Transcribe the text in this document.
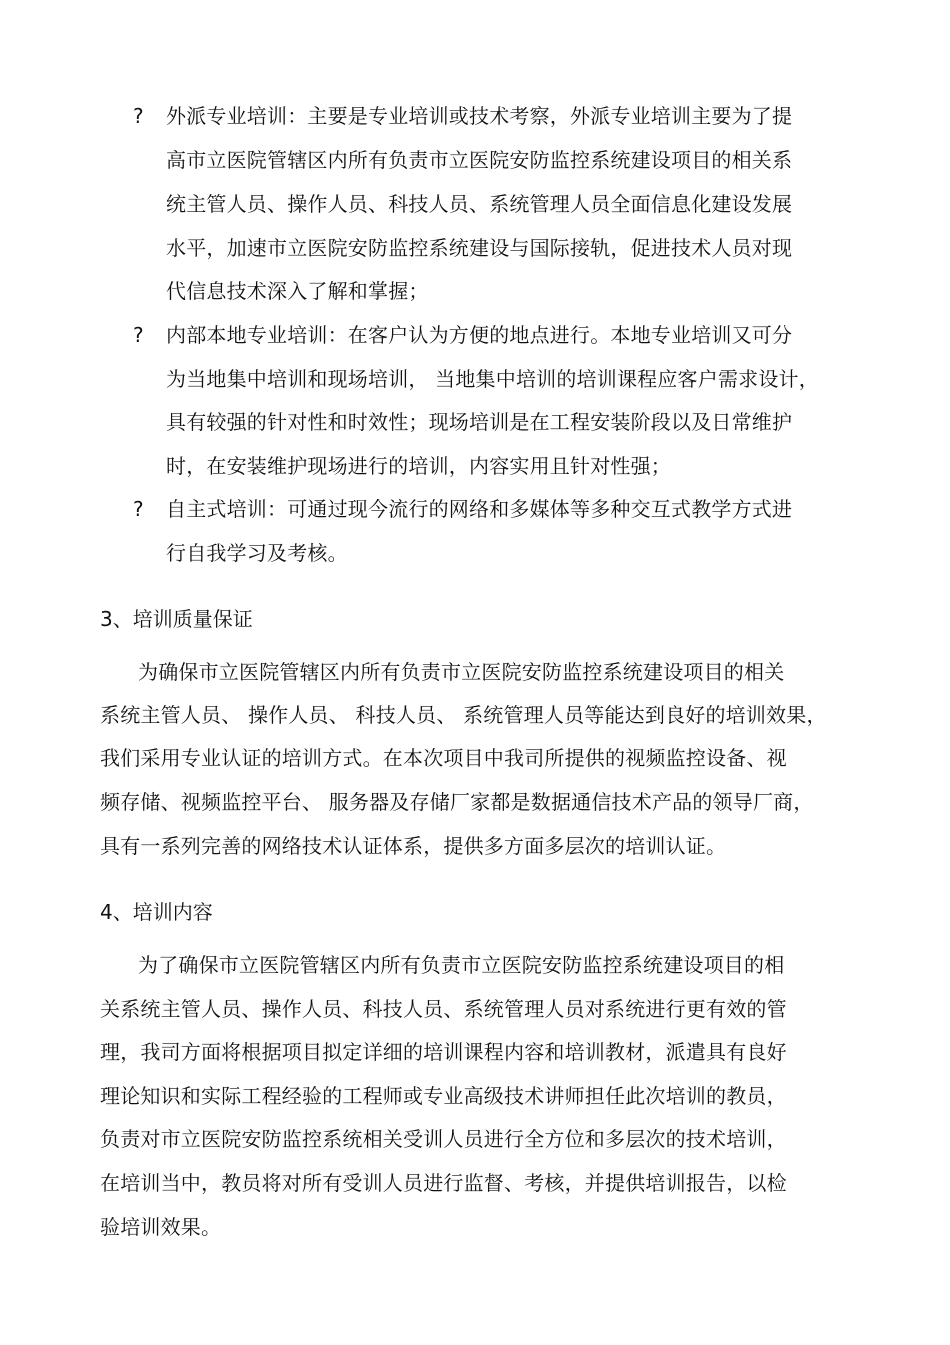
? 外派专业培训：主要是专业培训或技术考察，外派专业培训主要为了提
高市立医院管辖区内所有负责市立医院安防监控系统建设项目的相关系
统主管人员、操作人员、科技人员、系统管理人员全面信息化建设发展
水平，加速市立医院安防监控系统建设与国际接轨，促进技术人员对现
代信息技术深入了解和掌握；
? 内部本地专业培训：在客户认为方便的地点进行。本地专业培训又可分
为当地集中培训和现场培训， 当地集中培训的培训课程应客户需求设计，
具有较强的针对性和时效性；现场培训是在工程安装阶段以及日常维护
时，在安装维护现场进行的培训，内容实用且针对性强；
? 自主式培训：可通过现今流行的网络和多媒体等多种交互式教学方式进
行自我学习及考核。
3、培训质量保证
为确保市立医院管辖区内所有负责市立医院安防监控系统建设项目的相关
系统主管人员、 操作人员、 科技人员、 系统管理人员等能达到良好的培训效果，
我们采用专业认证的培训方式。在本次项目中我司所提供的视频监控设备、视
频存储、视频监控平台、 服务器及存储厂家都是数据通信技术产品的领导厂商，
具有一系列完善的网络技术认证体系，提供多方面多层次的培训认证。
4、培训内容
为了确保市立医院管辖区内所有负责市立医院安防监控系统建设项目的相
关系统主管人员、操作人员、科技人员、系统管理人员对系统进行更有效的管
理，我司方面将根据项目拟定详细的培训课程内容和培训教材，派遣具有良好
理论知识和实际工程经验的工程师或专业高级技术讲师担任此次培训的教员，
负责对市立医院安防监控系统相关受训人员进行全方位和多层次的技术培训，
在培训当中，教员将对所有受训人员进行监督、考核，并提供培训报告，以检
验培训效果。
